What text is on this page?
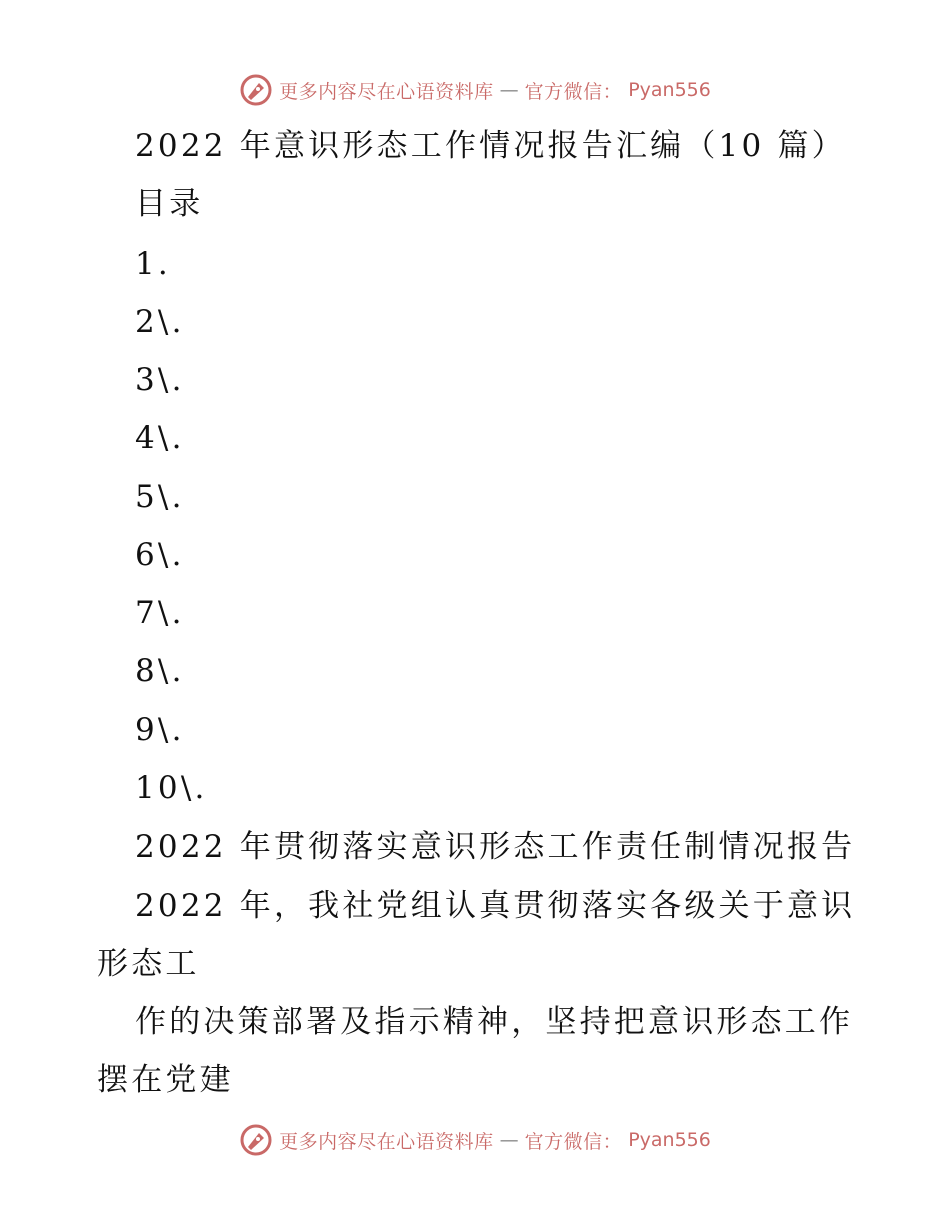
更多内容尽在心语资料库 — 官方微信： Pyan556
2022 年意识形态工作情况报告汇编（10 篇）
目录
1.
2\.
3\.
4\.
5\.
6\.
7\.
8\.
9\.
10\.
2022 年贯彻落实意识形态工作责任制情况报告
2022 年，我社党组认真贯彻落实各级关于意识
形态工
作的决策部署及指示精神，坚持把意识形态工作
摆在党建
更多内容尽在心语资料库 — 官方微信： Pyan556
